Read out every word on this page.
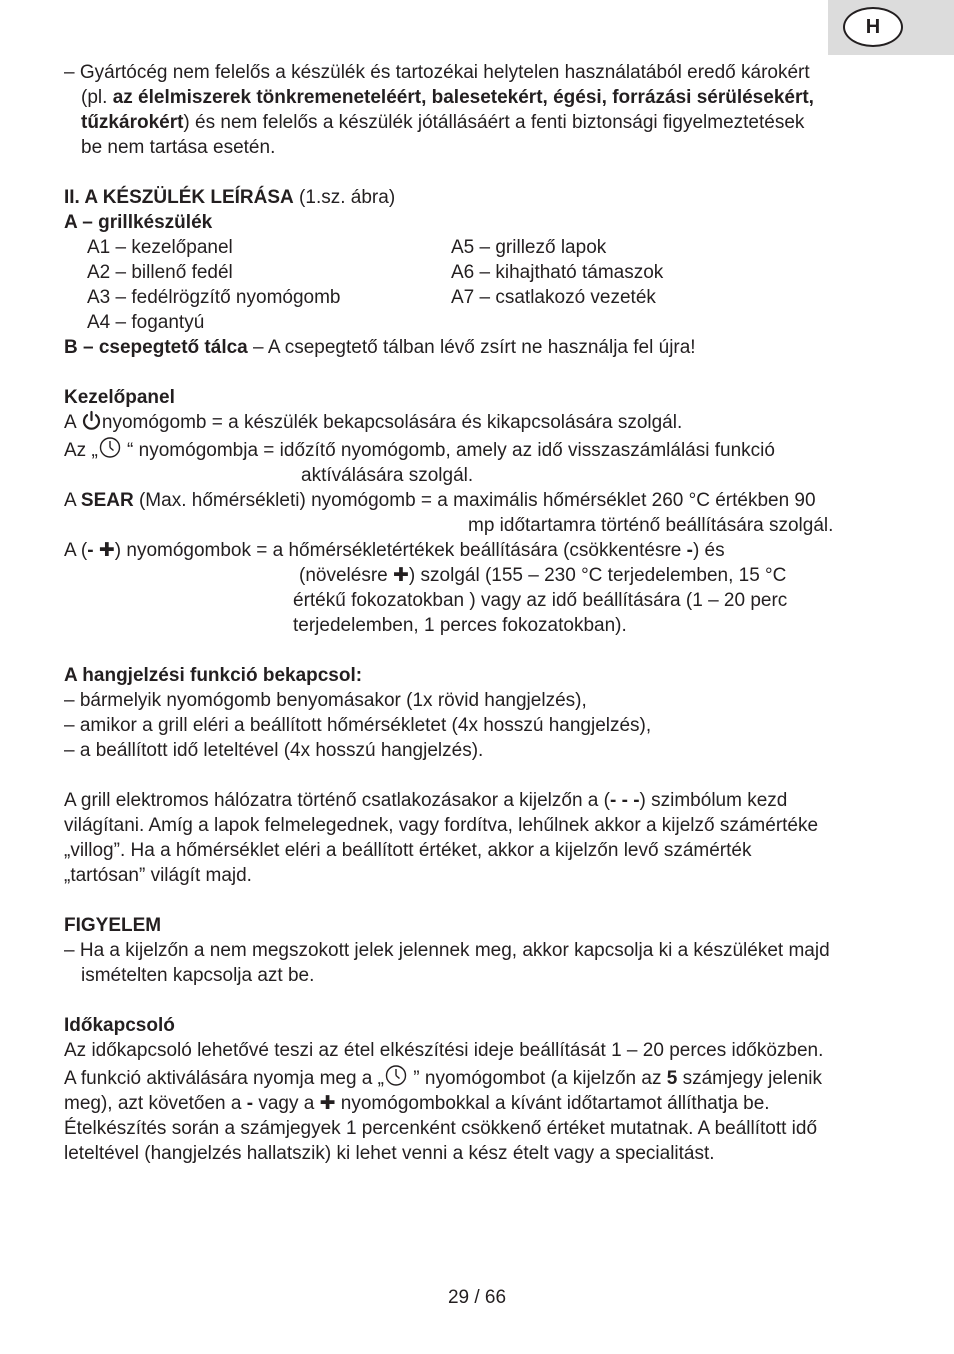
H
– Gyártócég nem felelős a készülék és tartozékai helytelen használatából eredő károkért
(pl. az élelmiszerek tönkremeneteléért, balesetekért, égési, forrázási sérülésekért,
tűzkárokért) és nem felelős a készülék jótállásáért a fenti biztonsági figyelmeztetések
be nem tartása esetén.
II. A KÉSZÜLÉK LEÍRÁSA (1.sz. ábra)
A – grillkészülék
A1 – kezelőpanel
A2 – billenő fedél
A3 – fedélrögzítő nyomógomb
A4 – fogantyú
A5 – grillező lapok
A6 – kihajtható támaszok
A7 – csatlakozó vezeték
B – csepegtető tálca – A csepegtető tálban lévő zsírt ne használja fel újra!
Kezelőpanel
A nyomógomb = a készülék bekapcsolására és kikapcsolására szolgál.
Az „ “ nyomógombja = időzítő nyomógomb, amely az idő visszaszámlálási funkció
aktíválására szolgál.
A SEAR (Max. hőmérsékleti) nyomógomb = a maximális hőmérséklet 260 °C értékben 90
mp időtartamra történő beállítására szolgál.
A (- ✚) nyomógombok = a hőmérsékletértékek beállítására (csökkentésre -) és
(növelésre ✚) szolgál (155 – 230 °C terjedelemben, 15 °C
értékű fokozatokban ) vagy az idő beállítására (1 – 20 perc
terjedelemben, 1 perces fokozatokban).
A hangjelzési funkció bekapcsol:
– bármelyik nyomógomb benyomásakor (1x rövid hangjelzés),
– amikor a grill eléri a beállított hőmérsékletet (4x hosszú hangjelzés),
– a beállított idő leteltével (4x hosszú hangjelzés).
A grill elektromos hálózatra történő csatlakozásakor a kijelzőn a (- - -) szimbólum kezd
világítani. Amíg a lapok felmelegednek, vagy fordítva, lehűlnek akkor a kijelző számértéke
„villog”. Ha a hőmérséklet eléri a beállított értéket, akkor a kijelzőn levő számérték
„tartósan” világít majd.
FIGYELEM
– Ha a kijelzőn a nem megszokott jelek jelennek meg, akkor kapcsolja ki a készüléket majd
ismételten kapcsolja azt be.
Időkapcsoló
Az időkapcsoló lehetővé teszi az étel elkészítési ideje beállítását 1 – 20 perces időközben.
A funkció aktiválására nyomja meg a „ ” nyomógombot (a kijelzőn az 5 számjegy jelenik
meg), azt követően a - vagy a ✚ nyomógombokkal a kívánt időtartamot állíthatja be.
Ételkészítés során a számjegyek 1 percenként csökkenő értéket mutatnak. A beállított idő
leteltével (hangjelzés hallatszik) ki lehet venni a kész ételt vagy a specialitást.
29 / 66
